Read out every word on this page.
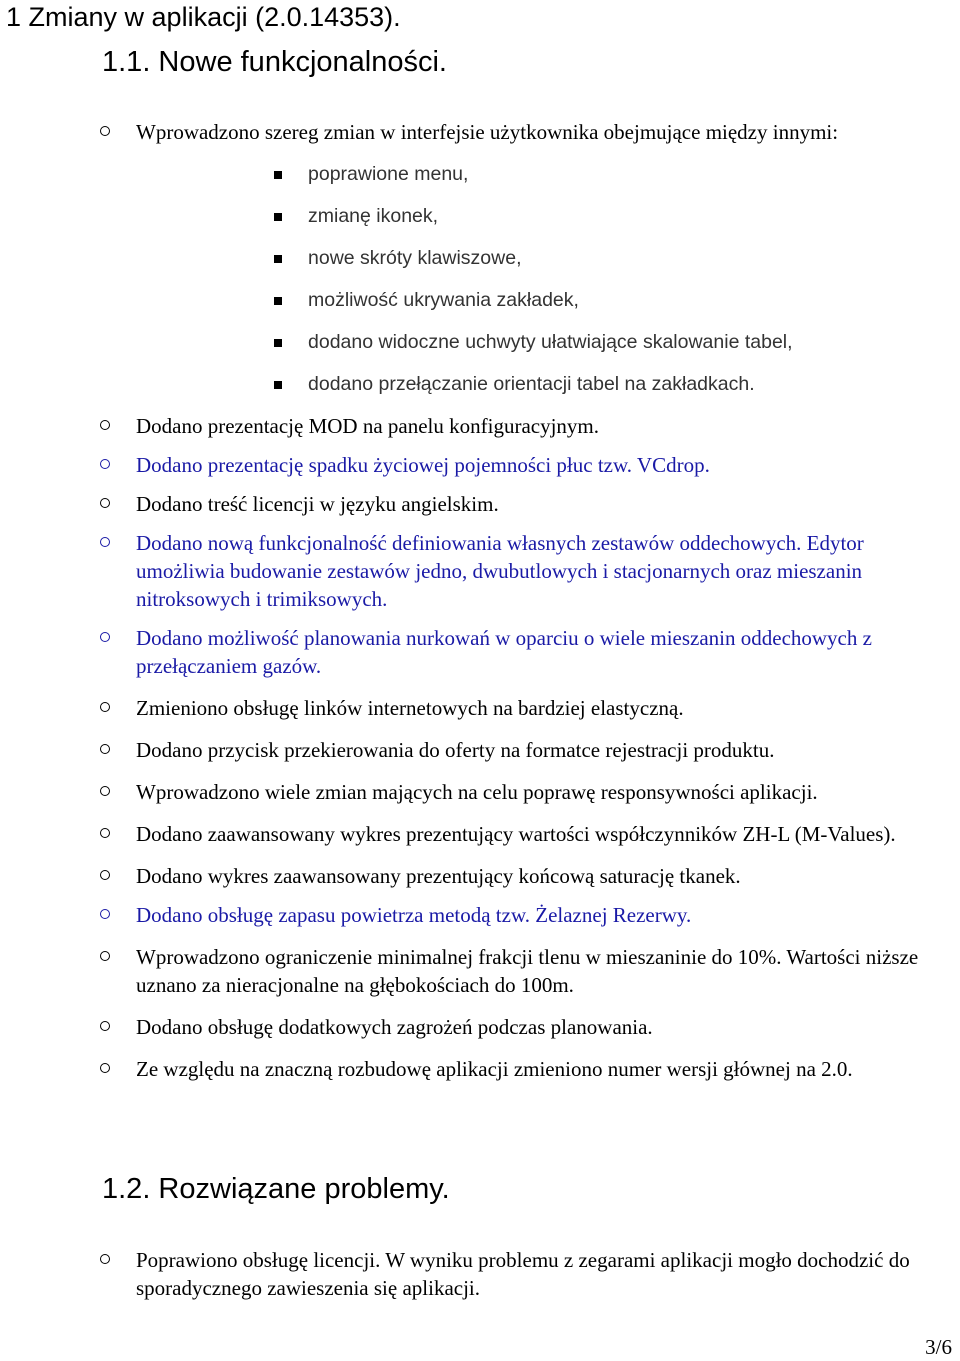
1 Zmiany w aplikacji (2.0.14353).
1.1. Nowe funkcjonalności.
Wprowadzono szereg zmian w interfejsie użytkownika obejmujące między innymi:
poprawione menu,
zmianę ikonek,
nowe skróty klawiszowe,
możliwość ukrywania zakładek,
dodano widoczne uchwyty ułatwiające skalowanie tabel,
dodano przełączanie orientacji tabel na zakładkach.
Dodano prezentację MOD na panelu konfiguracyjnym.
Dodano prezentację spadku życiowej pojemności płuc tzw. VCdrop.
Dodano treść licencji w języku angielskim.
Dodano nową funkcjonalność definiowania własnych zestawów oddechowych. Edytor umożliwia budowanie zestawów jedno, dwubutlowych i stacjonarnych oraz mieszanin nitroksowych i trimiksowych.
Dodano możliwość planowania nurkowań w oparciu o wiele mieszanin oddechowych z przełączaniem gazów.
Zmieniono obsługę linków internetowych na bardziej elastyczną.
Dodano przycisk przekierowania do oferty na formatce rejestracji produktu.
Wprowadzono wiele zmian mających na celu poprawę responsywności aplikacji.
Dodano zaawansowany wykres prezentujący wartości współczynników ZH-L (M-Values).
Dodano wykres zaawansowany prezentujący końcową saturację tkanek.
Dodano obsługę zapasu powietrza metodą tzw. Żelaznej Rezerwy.
Wprowadzono ograniczenie minimalnej frakcji tlenu w mieszaninie do 10%. Wartości niższe uznano za nieracjonalne na głębokościach do 100m.
Dodano obsługę dodatkowych zagrożeń podczas planowania.
Ze względu na znaczną rozbudowę aplikacji zmieniono numer wersji głównej na 2.0.
1.2. Rozwiązane problemy.
Poprawiono obsługę licencji. W wyniku problemu z zegarami aplikacji mogło dochodzić do sporadycznego zawieszenia się aplikacji.
3/6
